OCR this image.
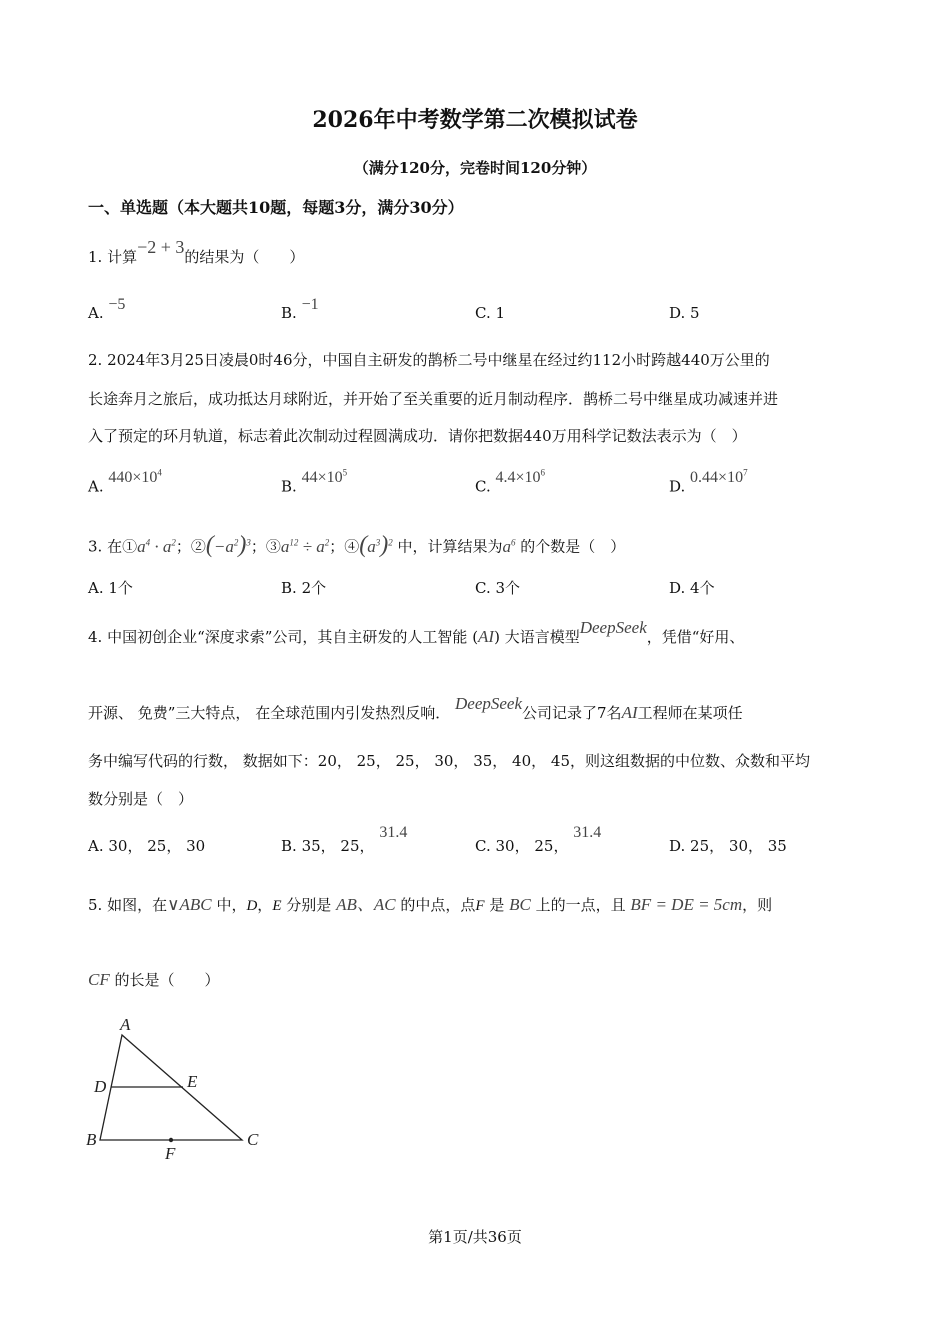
2026年中考数学第二次模拟试卷
（满分120分，完卷时间120分钟）
一、单选题（本大题共10题，每题3分，满分30分）
1. 计算−2 + 3的结果为（　　）
A. −5	B. −1	C. 1	D. 5
2. 2024年3月25日凌晨0时46分，中国自主研发的鹊桥二号中继星在经过约112小时跨越440万公里的
长途奔月之旅后，成功抵达月球附近，并开始了至关重要的近月制动程序．鹊桥二号中继星成功减速并进
入了预定的环月轨道，标志着此次制动过程圆满成功．请你把数据440万用科学记数法表示为（　）
A. $440\times 10^4$
B. $44\times 10^5$
C. $4.4\times 10^6$
D. $0.44\times 10^7$
3. 在$①a^4 \cdot a^2$；$②(-a^2)^3$；$③a^{12} \div a^2$；$④(a^3)^2$ 中，计算结果为$a^6$ 的个数是（　）
A. 1个	B. 2个	C. 3个	D. 4个
4. 中国初创企业“深度求索”公司，其自主研发的人工智能 (AI) 大语言模型DeepSeek，凭借“好用、
开源、 免费”三大特点， 在全球范围内引发热烈反响． DeepSeek公司记录了7名AI工程师在某项任
务中编写代码的行数， 数据如下：20， 25， 25， 30， 35， 40， 45，则这组数据的中位数、众数和平均
数分别是（　）
A. 30， 25， 30	B. 35， 25， 31.4
C. 30， 25， 31.4
D. 25， 30， 35
5. 如图，在∨ABC 中，D，E 分别是 AB、AC 的中点，点F 是 BC 上的一点，且 BF = DE = 5cm，则
CF 的长是（　　）
A
D	E
B	C
F
第1页/共36页
